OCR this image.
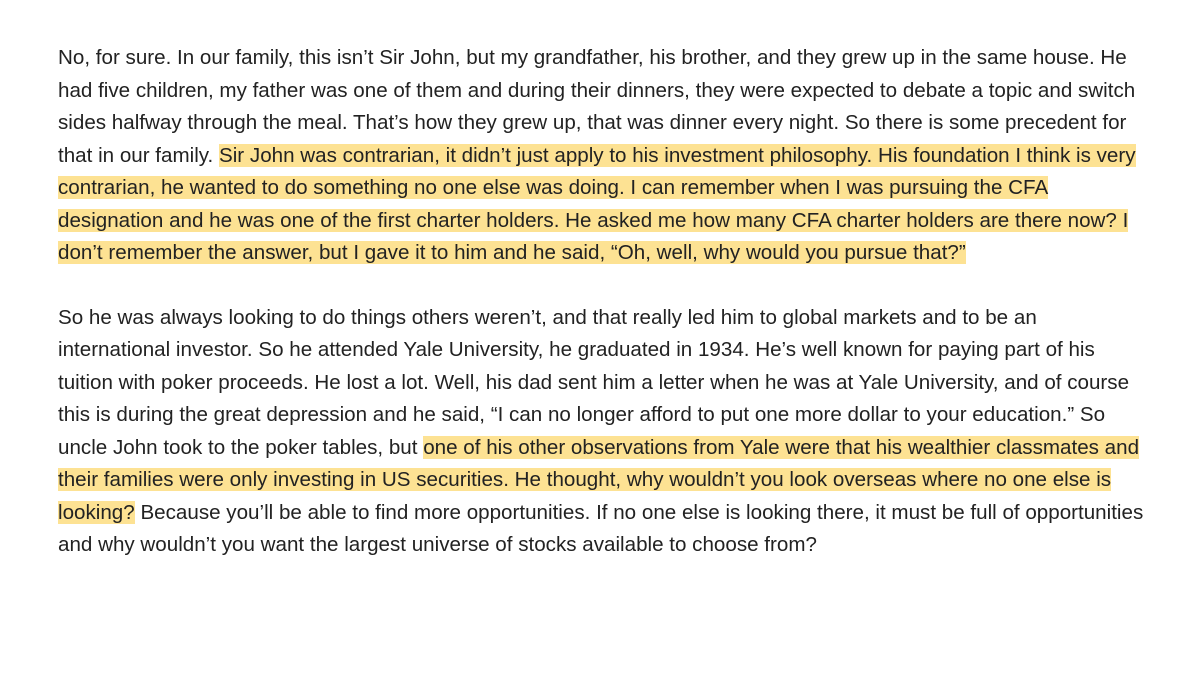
No, for sure. In our family, this isn’t Sir John, but my grandfather, his brother, and they grew up in the same house. He had five children, my father was one of them and during their dinners, they were expected to debate a topic and switch sides halfway through the meal. That’s how they grew up, that was dinner every night. So there is some precedent for that in our family. Sir John was contrarian, it didn’t just apply to his investment philosophy. His foundation I think is very contrarian, he wanted to do something no one else was doing. I can remember when I was pursuing the CFA designation and he was one of the first charter holders. He asked me how many CFA charter holders are there now? I don’t remember the answer, but I gave it to him and he said, “Oh, well, why would you pursue that?”

So he was always looking to do things others weren’t, and that really led him to global markets and to be an international investor. So he attended Yale University, he graduated in 1934. He’s well known for paying part of his tuition with poker proceeds. He lost a lot. Well, his dad sent him a letter when he was at Yale University, and of course this is during the great depression and he said, “I can no longer afford to put one more dollar to your education.” So uncle John took to the poker tables, but one of his other observations from Yale were that his wealthier classmates and their families were only investing in US securities. He thought, why wouldn’t you look overseas where no one else is looking? Because you’ll be able to find more opportunities. If no one else is looking there, it must be full of opportunities and why wouldn’t you want the largest universe of stocks available to choose from?
